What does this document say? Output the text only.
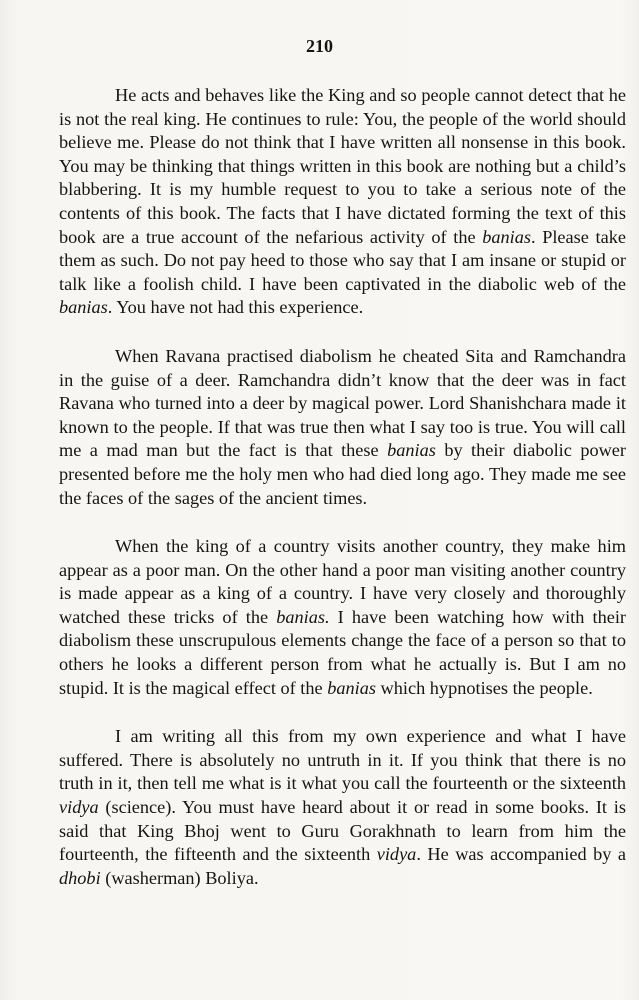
210

He acts and behaves like the King and so people cannot detect that he is not the real king. He continues to rule: You, the people of the world should believe me. Please do not think that I have written all nonsense in this book. You may be thinking that things written in this book are nothing but a child’s blabbering. It is my humble request to you to take a serious note of the contents of this book. The facts that I have dictated forming the text of this book are a true account of the nefarious activity of the banias. Please take them as such. Do not pay heed to those who say that I am insane or stupid or talk like a foolish child. I have been captivated in the diabolic web of the banias. You have not had this experience.

When Ravana practised diabolism he cheated Sita and Ramchandra in the guise of a deer. Ramchandra didn’t know that the deer was in fact Ravana who turned into a deer by magical power. Lord Shanishchara made it known to the people. If that was true then what I say too is true. You will call me a mad man but the fact is that these banias by their diabolic power presented before me the holy men who had died long ago. They made me see the faces of the sages of the ancient times.

When the king of a country visits another country, they make him appear as a poor man. On the other hand a poor man visiting another country is made appear as a king of a country. I have very closely and thoroughly watched these tricks of the banias. I have been watching how with their diabolism these unscrupulous elements change the face of a person so that to others he looks a different person from what he actually is. But I am no stupid. It is the magical effect of the banias which hypnotises the people.

I am writing all this from my own experience and what I have suffered. There is absolutely no untruth in it. If you think that there is no truth in it, then tell me what is it what you call the fourteenth or the sixteenth vidya (science). You must have heard about it or read in some books. It is said that King Bhoj went to Guru Gorakhnath to learn from him the fourteenth, the fifteenth and the sixteenth vidya. He was accompanied by a dhobi (washerman) Boliya.
